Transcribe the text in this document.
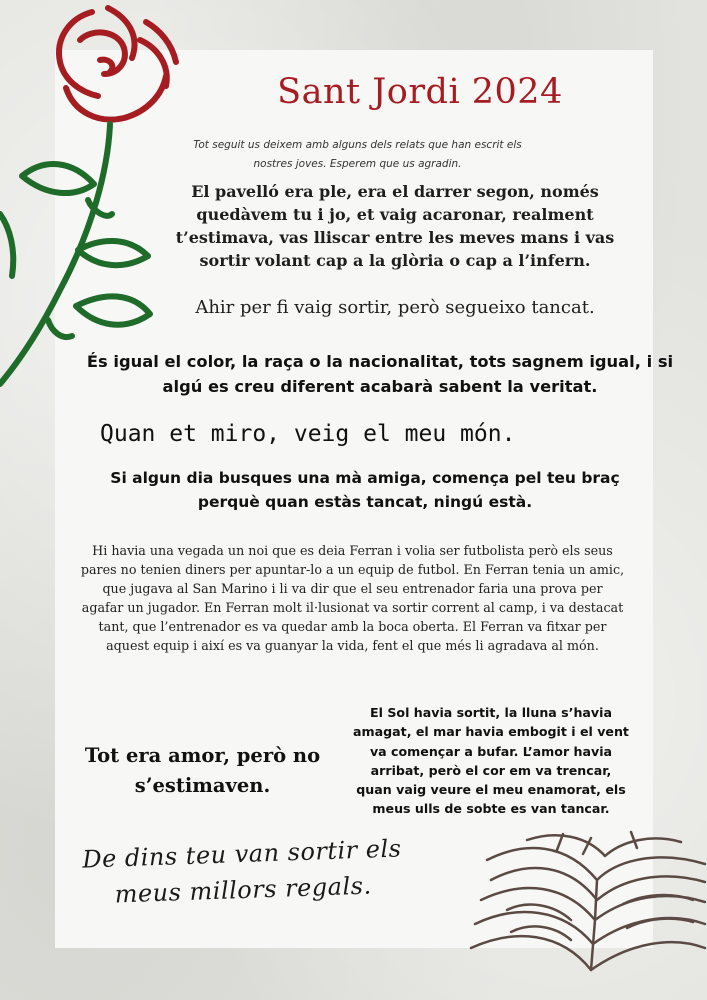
Sant Jordi 2024
Tot seguit us deixem amb alguns dels relats que han escrit els nostres joves. Esperem que us agradin.
El pavelló era ple, era el darrer segon, només quedàvem tu i jo, et vaig acaronar, realment t’estimava, vas lliscar entre les meves mans i vas sortir volant cap a la glòria o cap a l’infern.
Ahir per fi vaig sortir, però segueixo tancat.
És igual el color, la raça o la nacionalitat, tots sagnem igual, i si algú es creu diferent acabarà sabent la veritat.
Quan et miro, veig el meu món.
Si algun dia busques una mà amiga, comença pel teu braç perquè quan estàs tancat, ningú està.
Hi havia una vegada un noi que es deia Ferran i volia ser futbolista però els seus pares no tenien diners per apuntar-lo a un equip de futbol. En Ferran tenia un amic, que jugava al San Marino i li va dir que el seu entrenador faria una prova per agafar un jugador. En Ferran molt il·lusionat va sortir corrent al camp, i va destacat tant, que l’entrenador es va quedar amb la boca oberta. El Ferran va fitxar per aquest equip i així es va guanyar la vida, fent el que més li agradava al món.
Tot era amor, però no s’estimaven.
El Sol havia sortit, la lluna s’havia amagat, el mar havia embogit i el vent va començar a bufar. L’amor havia arribat, però el cor em va trencar, quan vaig veure el meu enamorat, els meus ulls de sobte es van tancar.
De dins teu van sortir els meus millors regals.
